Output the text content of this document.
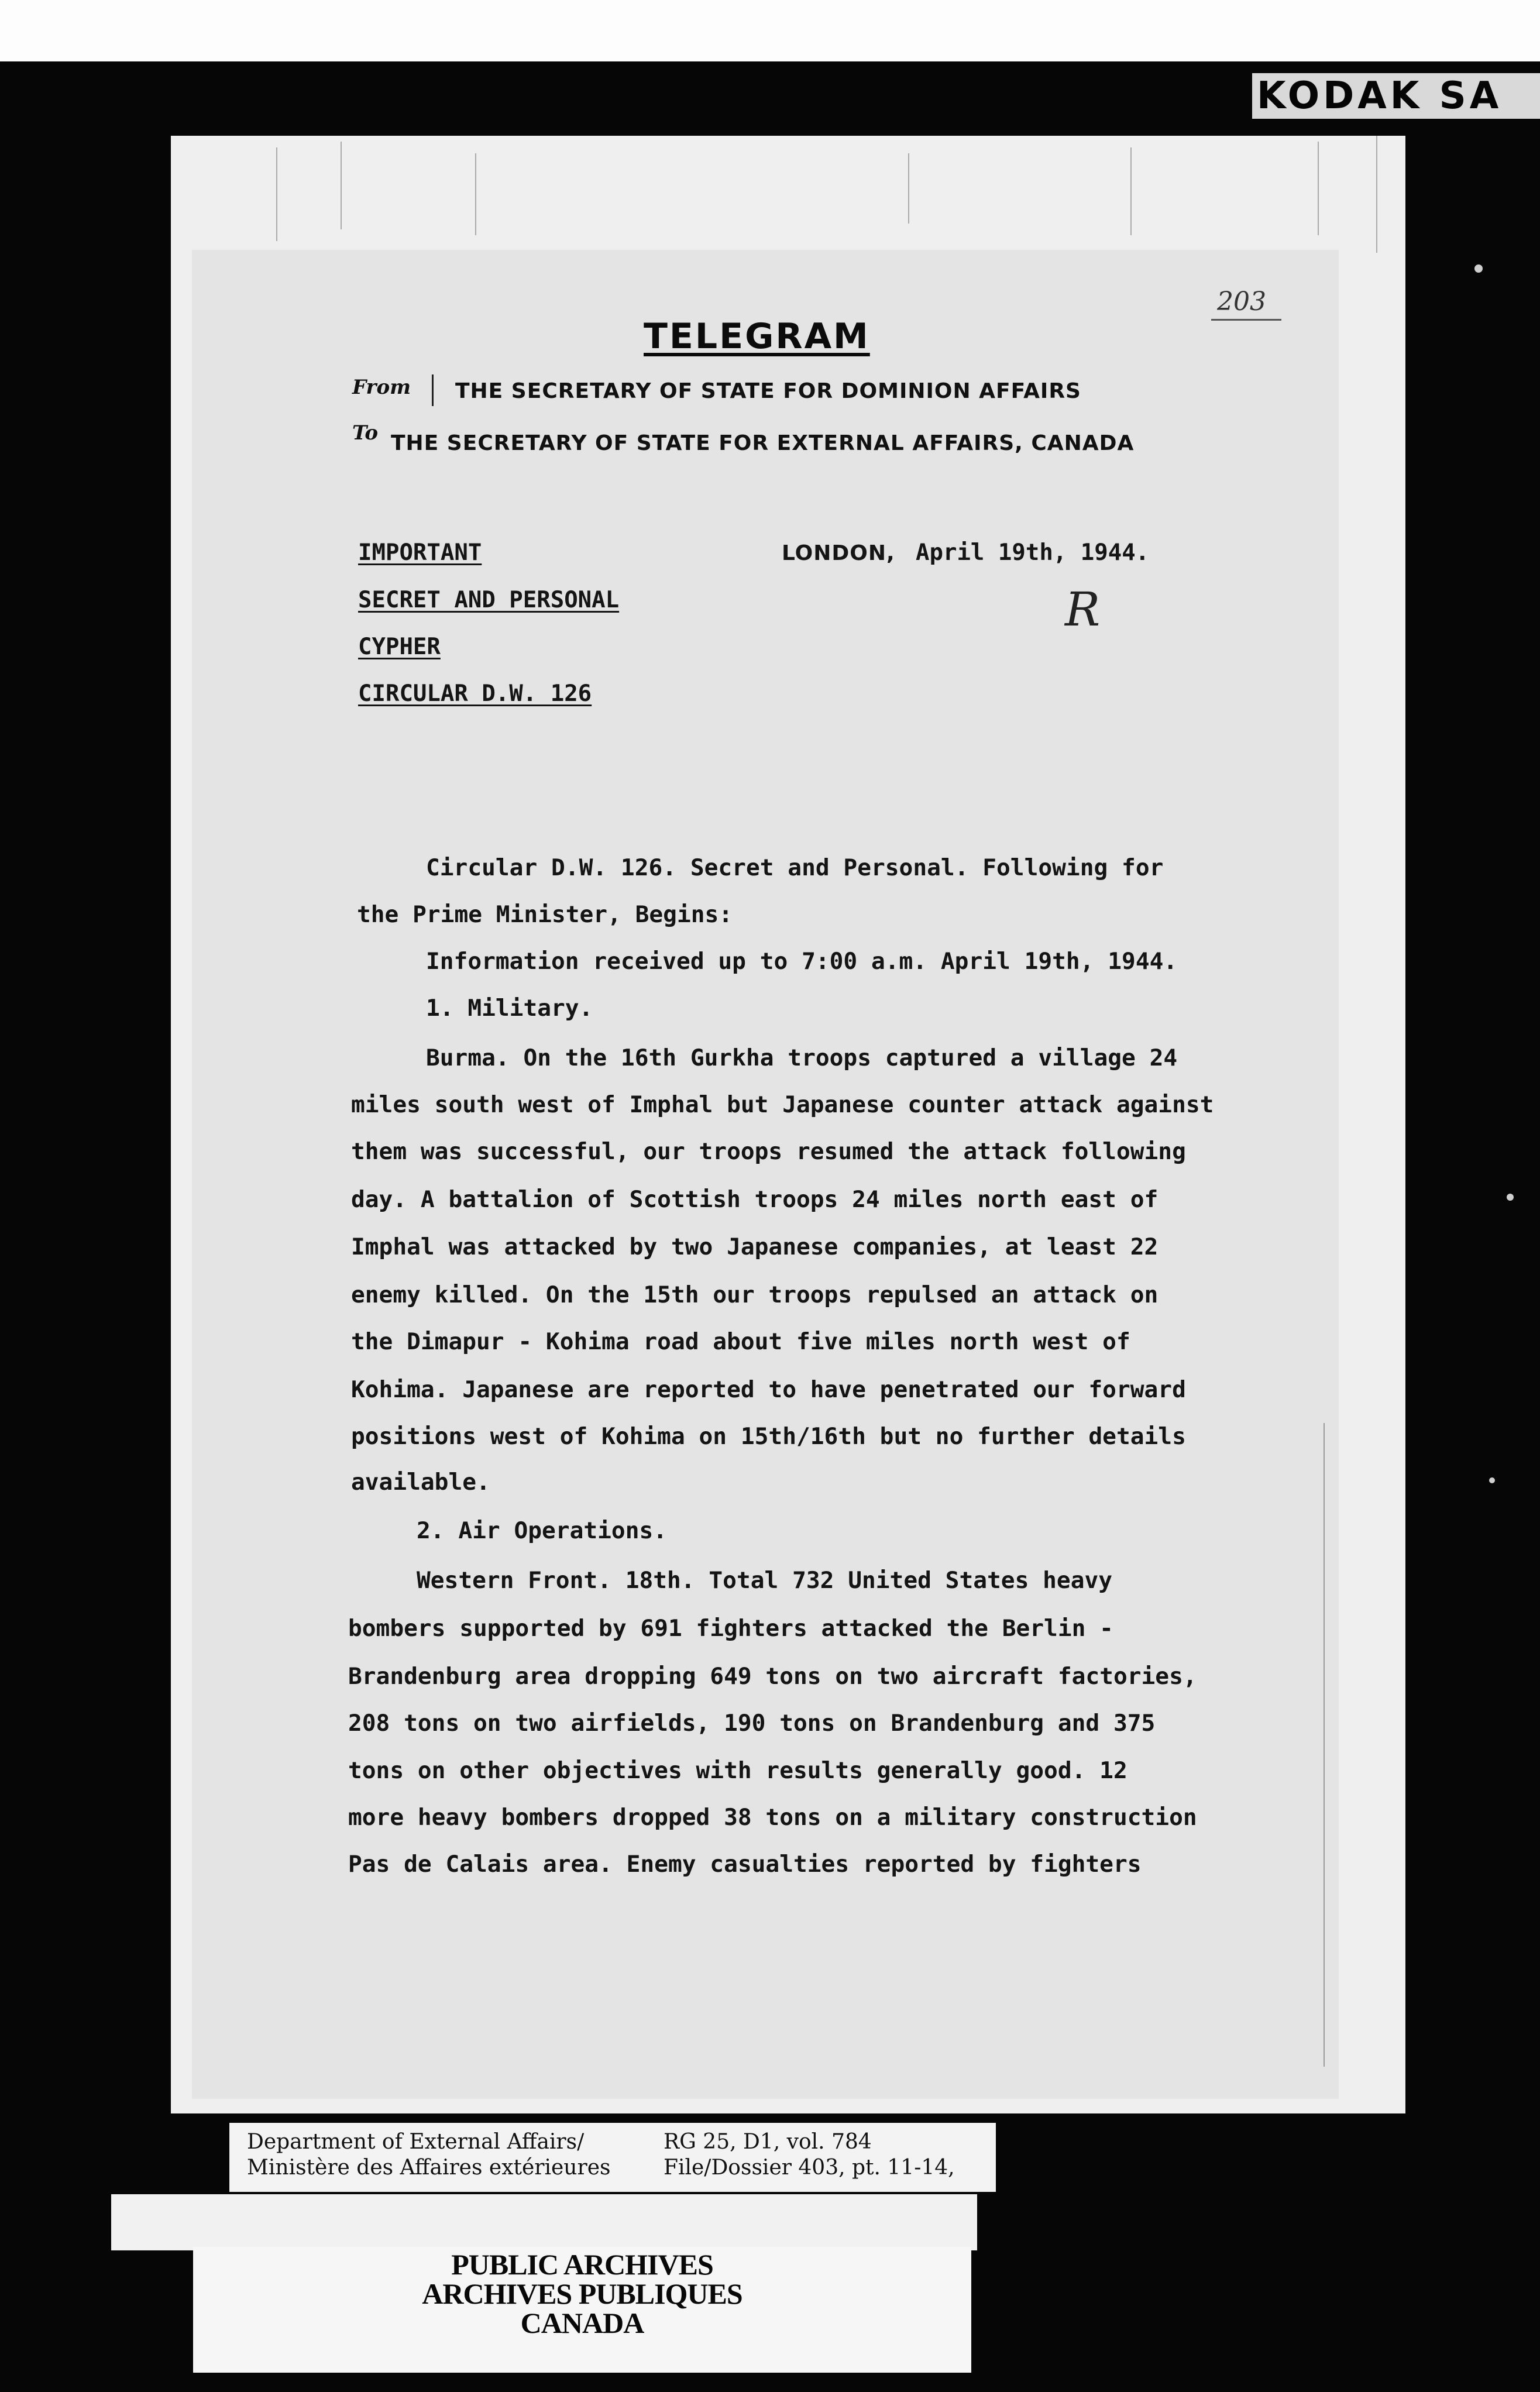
KODAK SA
203
TELEGRAM
From THE SECRETARY OF STATE FOR DOMINION AFFAIRS
To THE SECRETARY OF STATE FOR EXTERNAL AFFAIRS, CANADA
IMPORTANT
SECRET AND PERSONAL
CYPHER
CIRCULAR D.W. 126
LONDON, April 19th, 1944.
R
Circular D.W. 126. Secret and Personal. Following for
the Prime Minister, Begins:
Information received up to 7:00 a.m. April 19th, 1944.
1. Military.
Burma. On the 16th Gurkha troops captured a village 24
miles south west of Imphal but Japanese counter attack against
them was successful, our troops resumed the attack following
day. A battalion of Scottish troops 24 miles north east of
Imphal was attacked by two Japanese companies, at least 22
enemy killed. On the 15th our troops repulsed an attack on
the Dimapur - Kohima road about five miles north west of
Kohima. Japanese are reported to have penetrated our forward
positions west of Kohima on 15th/16th but no further details
available.
2. Air Operations.
Western Front. 18th. Total 732 United States heavy
bombers supported by 691 fighters attacked the Berlin -
Brandenburg area dropping 649 tons on two aircraft factories,
208 tons on two airfields, 190 tons on Brandenburg and 375
tons on other objectives with results generally good. 12
more heavy bombers dropped 38 tons on a military construction
Pas de Calais area. Enemy casualties reported by fighters
Department of External Affairs/
Ministère des Affaires extérieures
RG 25, D1, vol. 784
File/Dossier 403, pt. 11-14,
PUBLIC ARCHIVES
ARCHIVES PUBLIQUES
CANADA
